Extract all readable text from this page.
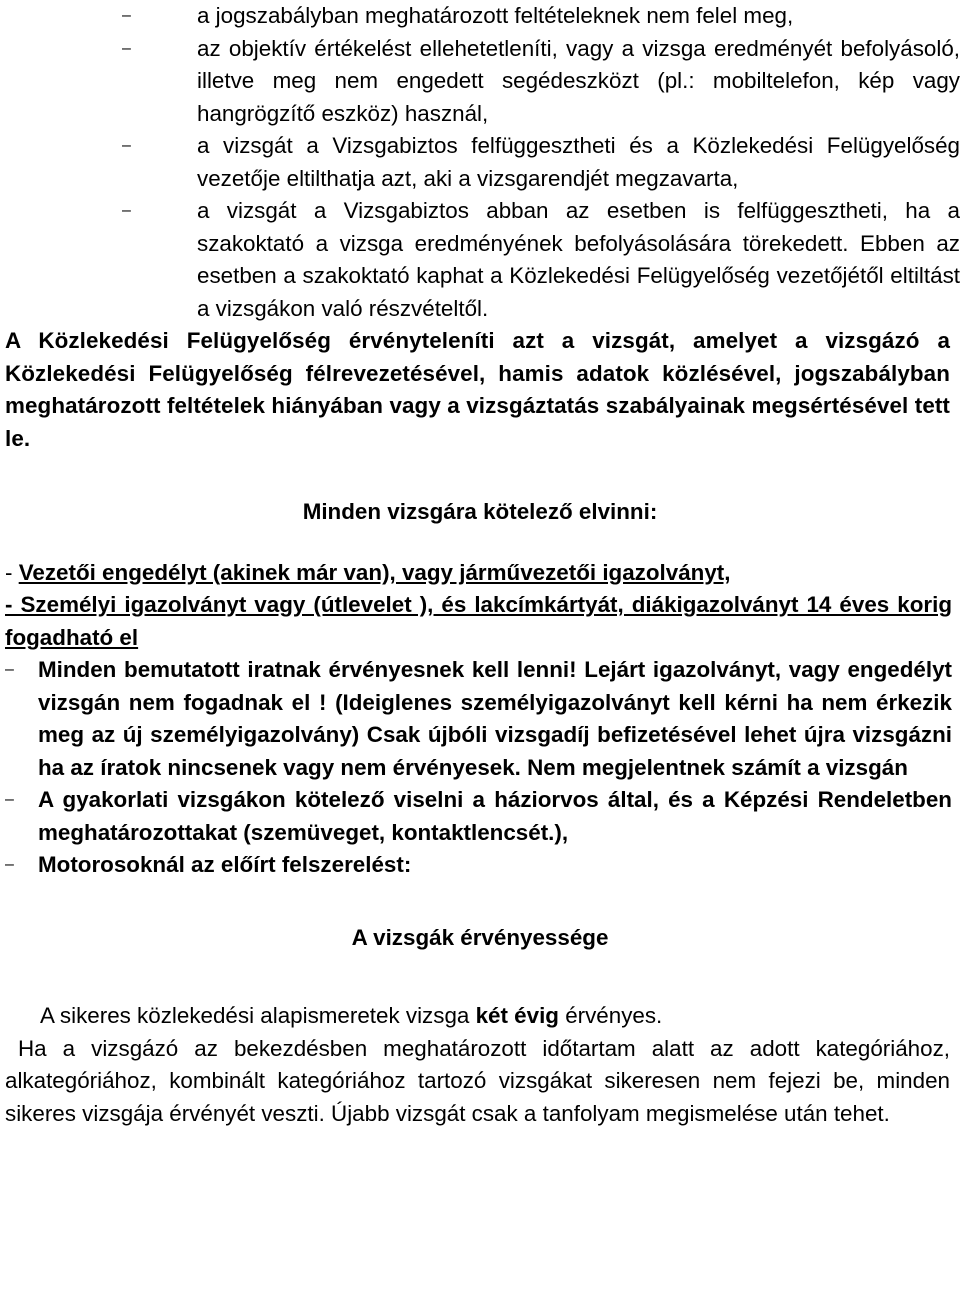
–	a jogszabályban meghatározott feltételeknek nem felel meg,
–	az objektív értékelést ellehetetleníti, vagy a vizsga eredményét befolyásoló, illetve meg nem engedett segédeszközt (pl.: mobiltelefon, kép vagy hangrögzítő eszköz) használ,
–	a vizsgát a Vizsgabiztos felfüggesztheti és a Közlekedési Felügyelőség vezetője eltilthatja azt, aki a vizsgarendjét megzavarta,
–	a vizsgát a Vizsgabiztos abban az esetben is felfüggesztheti, ha a szakoktató a vizsga eredményének befolyásolására törekedett. Ebben az esetben a szakoktató kaphat a Közlekedési Felügyelőség vezetőjétől eltiltást a vizsgákon való részvételtől.

A Közlekedési Felügyelőség érvényteleníti azt a vizsgát, amelyet a vizsgázó a Közlekedési Felügyelőség félrevezetésével, hamis adatok közlésével, jogszabályban meghatározott feltételek hiányában vagy a vizsgáztatás szabályainak megsértésével tett le.

Minden vizsgára kötelező elvinni:

- Vezetői engedélyt (akinek már van), vagy járművezetői igazolványt,

- Személyi igazolványt vagy (útlevelet ), és lakcímkártyát, diákigazolványt 14 éves korig fogadható el

– Minden bemutatott iratnak érvényesnek kell lenni! Lejárt igazolványt, vagy engedélyt vizsgán nem fogadnak el ! (Ideiglenes személyigazolványt kell kérni ha nem érkezik meg az új személyigazolvány) Csak újbóli vizsgadíj befizetésével lehet újra vizsgázni ha az íratok nincsenek vagy nem érvényesek. Nem megjelentnek számít a vizsgán
– A gyakorlati vizsgákon kötelező viselni a háziorvos által, és a Képzési Rendeletben meghatározottakat (szemüveget, kontaktlencsét.),
– Motorosoknál az előírt felszerelést:

A vizsgák érvényessége

A sikeres közlekedési alapismeretek vizsga két évig érvényes.

Ha a vizsgázó az bekezdésben meghatározott időtartam alatt az adott kategóriához, alkategóriához, kombinált kategóriához tartozó vizsgákat sikeresen nem fejezi be, minden sikeres vizsgája érvényét veszti. Újabb vizsgát csak a tanfolyam megismelése után tehet.
